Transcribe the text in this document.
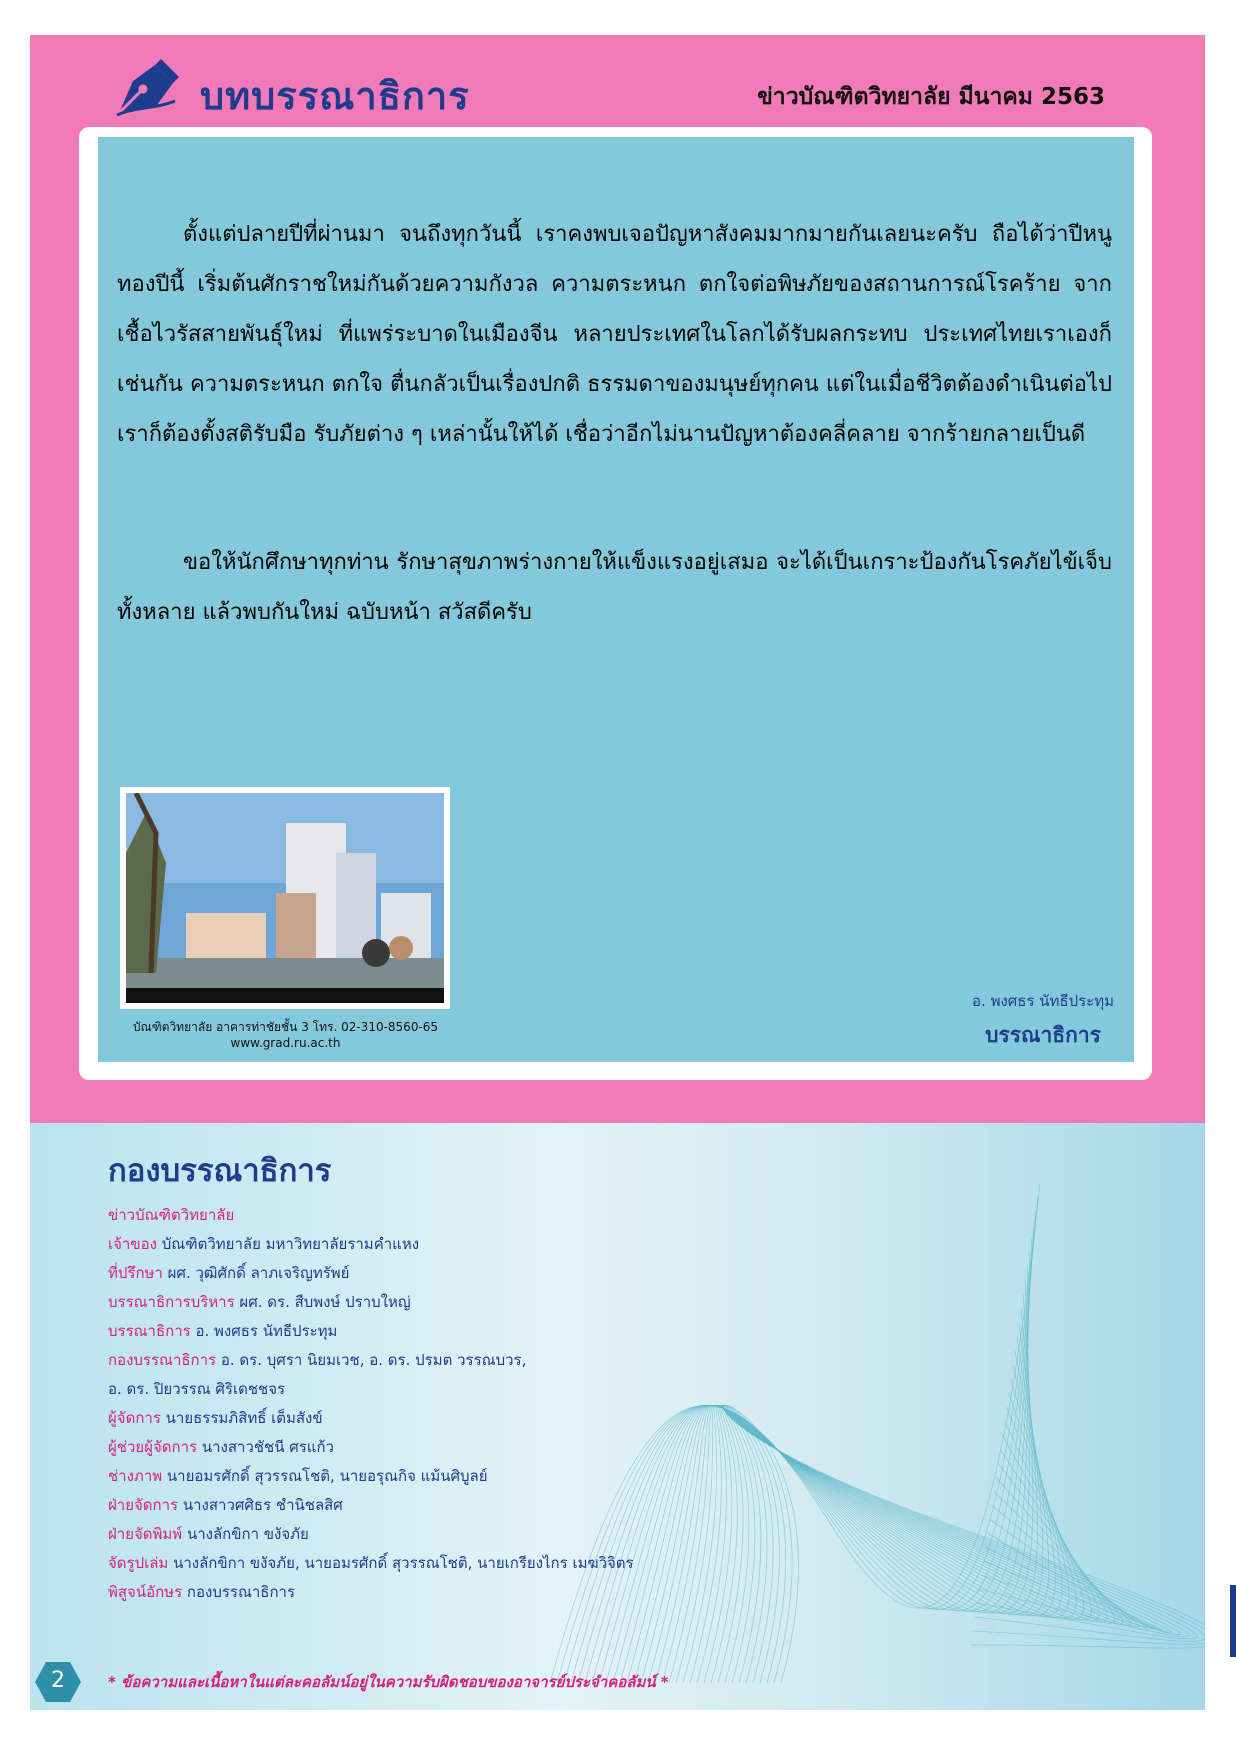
บทบรรณาธิการ	ข่าวบัณฑิตวิทยาลัย มีนาคม 2563

ตั้งแต่ปลายปีที่ผ่านมา จนถึงทุกวันนี้ เราคงพบเจอปัญหาสังคมมากมายกันเลยนะครับ ถือได้ว่าปีหนูทองปีนี้ เริ่มต้นศักราชใหม่กันด้วยความกังวล ความตระหนก ตกใจต่อพิษภัยของสถานการณ์โรคร้าย จากเชื้อไวรัสสายพันธุ์ใหม่ ที่แพร่ระบาดในเมืองจีน หลายประเทศในโลกได้รับผลกระทบ ประเทศไทยเราเองก็เช่นกัน ความตระหนก ตกใจ ตื่นกลัวเป็นเรื่องปกติ ธรรมดาของมนุษย์ทุกคน แต่ในเมื่อชีวิตต้องดำเนินต่อไป เราก็ต้องตั้งสติรับมือ รับภัยต่าง ๆ เหล่านั้นให้ได้ เชื่อว่าอีกไม่นานปัญหาต้องคลี่คลาย จากร้ายกลายเป็นดี

ขอให้นักศึกษาทุกท่าน รักษาสุขภาพร่างกายให้แข็งแรงอยู่เสมอ จะได้เป็นเกราะป้องกันโรคภัยไข้เจ็บทั้งหลาย แล้วพบกันใหม่ ฉบับหน้า สวัสดีครับ

บัณฑิตวิทยาลัย อาคารท่าชัยชั้น 3 โทร. 02-310-8560-65
www.grad.ru.ac.th
อ. พงศธร นัทธีประทุม
บรรณาธิการ
กองบรรณาธิการ
ข่าวบัณฑิตวิทยาลัย
เจ้าของ บัณฑิตวิทยาลัย มหาวิทยาลัยรามคำแหง
ที่ปรึกษา ผศ. วุฒิศักดิ์ ลาภเจริญทรัพย์
บรรณาธิการบริหาร ผศ. ดร. สืบพงษ์ ปราบใหญ่
บรรณาธิการ อ. พงศธร นัทธีประทุม
กองบรรณาธิการ อ. ดร. บุศรา นิยมเวช, อ. ดร. ปรมต วรรณบวร,
อ. ดร. ปิยวรรณ ศิริเดชชจร
ผู้จัดการ นายธรรมภิสิทธิ์ เต็มสังข์
ผู้ช่วยผู้จัดการ นางสาวชัชนี ศรแก้ว
ช่างภาพ นายอมรศักดิ์ สุวรรณโชติ, นายอรุณกิจ แม้นศิบูลย์
ฝ่ายจัดการ นางสาวศศิธร ชำนิชลสิศ
ฝ่ายจัดพิมพ์ นางลักขิกา ขงัจภัย
จัดรูปเล่ม นางลักขิกา ขงัจภัย, นายอมรศักดิ์ สุวรรณโชติ, นายเกรียงไกร เมฆวิจิตร
พิสูจน์อักษร กองบรรณาธิการ
* ข้อความและเนื้อหาในแต่ละคอลัมน์อยู่ในความรับผิดชอบของอาจารย์ประจำคอลัมน์ *
2
